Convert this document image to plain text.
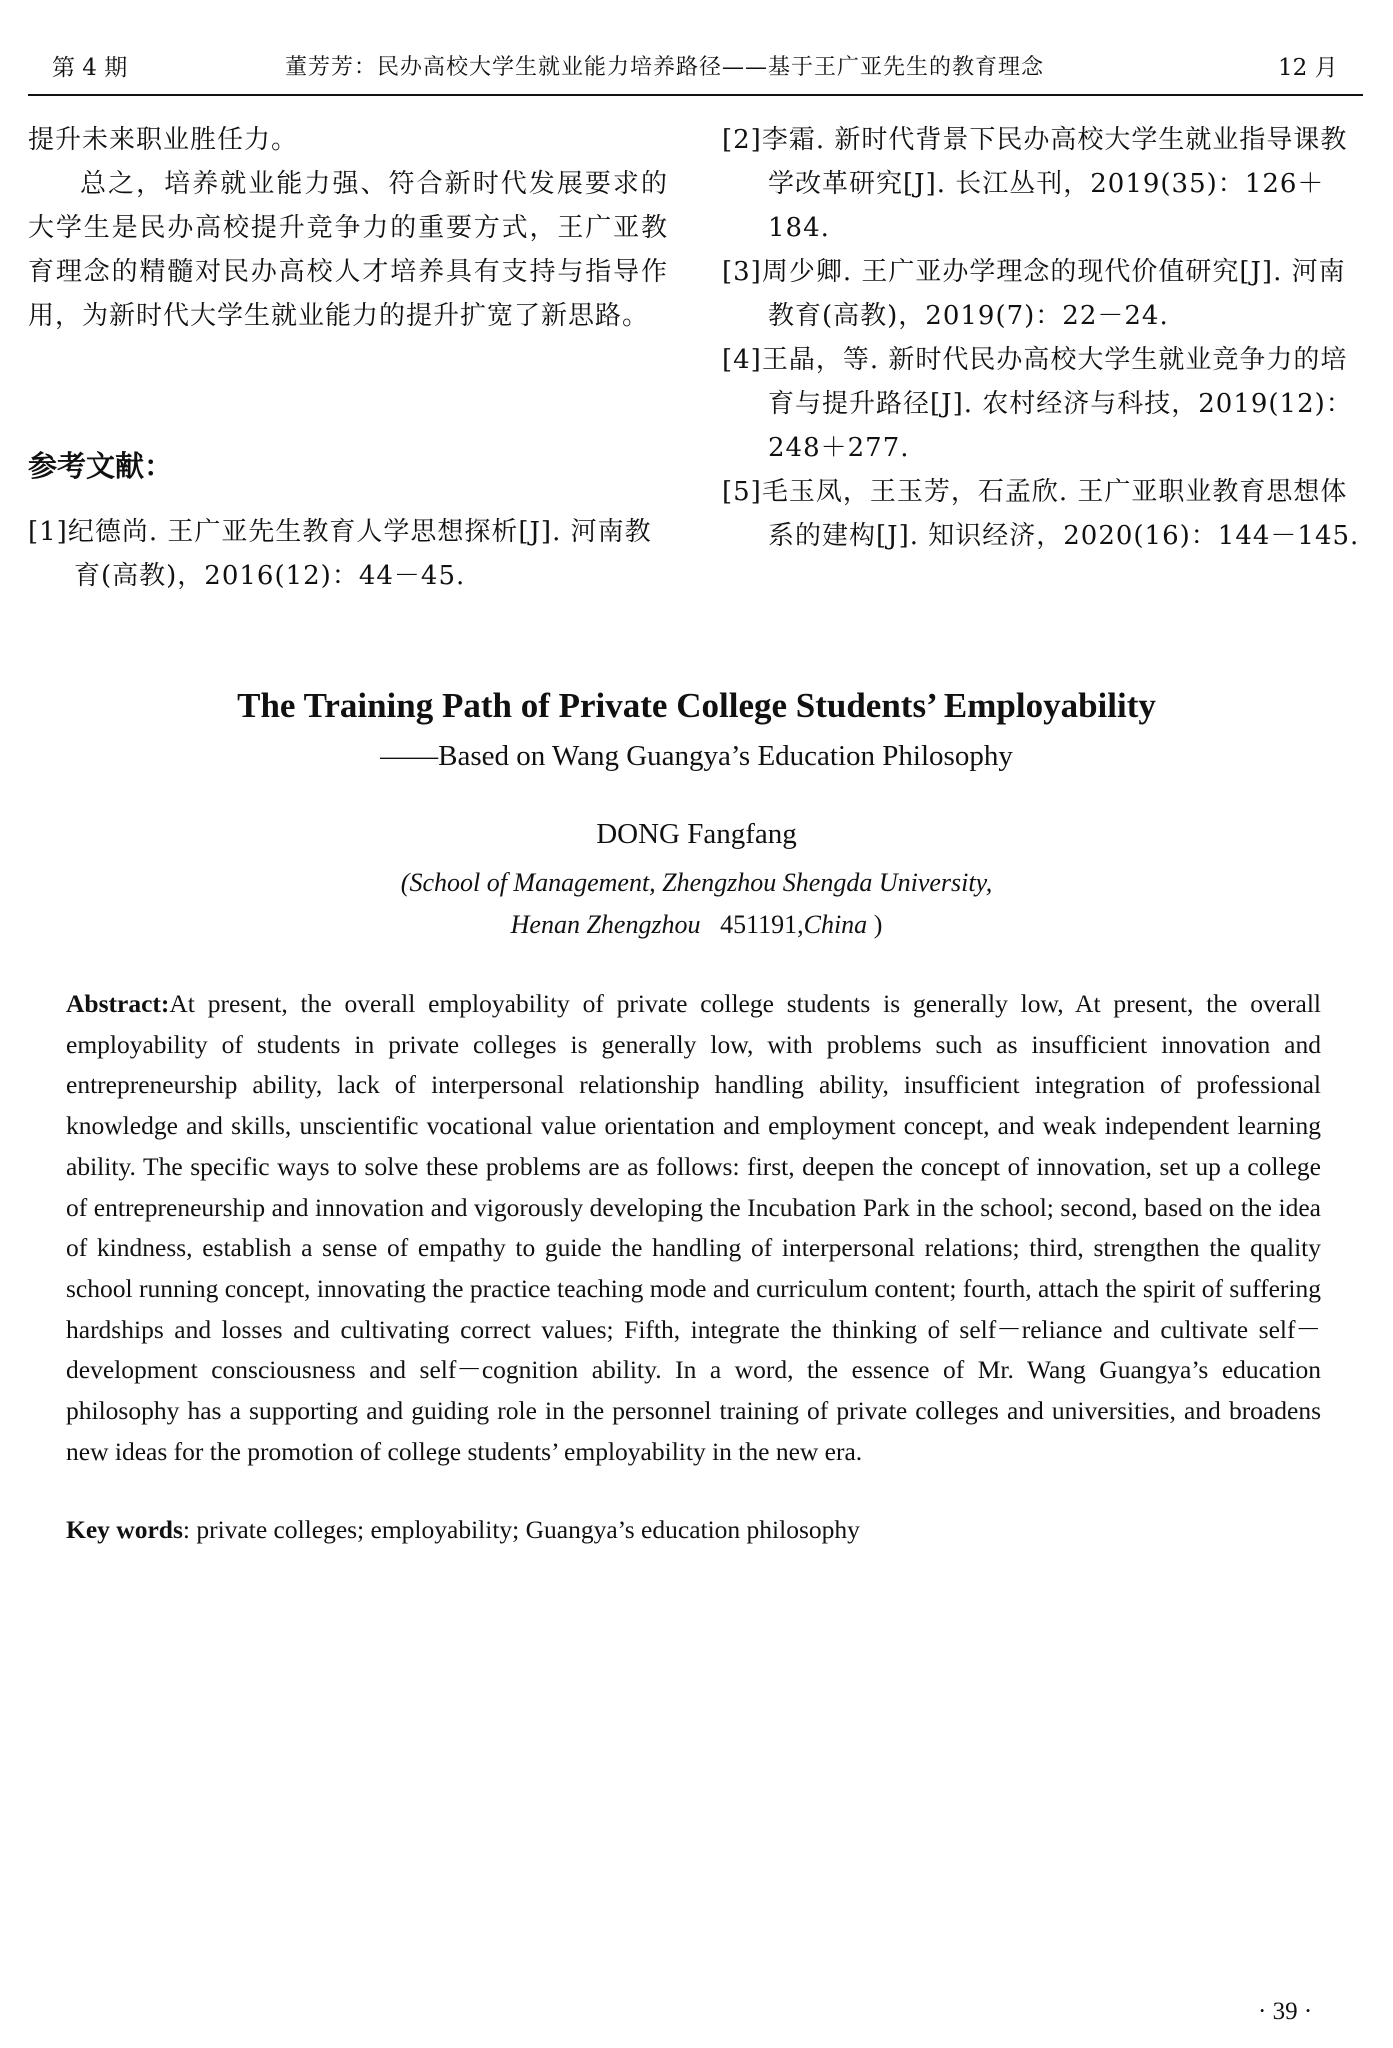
第 4 期	董芳芳：民办高校大学生就业能力培养路径——基于王广亚先生的教育理念	12 月
提升未来职业胜任力。
总之，培养就业能力强、符合新时代发展要求的大学生是民办高校提升竞争力的重要方式，王广亚教育理念的精髓对民办高校人才培养具有支持与指导作用，为新时代大学生就业能力的提升扩宽了新思路。
参考文献：

[1]纪德尚. 王广亚先生教育人学思想探析[J]. 河南教育(高教)，2016(12)：44－45.

[2]李霜. 新时代背景下民办高校大学生就业指导课教学改革研究[J]. 长江丛刊，2019(35)：126＋184.

[3]周少卿. 王广亚办学理念的现代价值研究[J]. 河南教育(高教)，2019(7)：22－24.

[4]王晶，等. 新时代民办高校大学生就业竞争力的培育与提升路径[J]. 农村经济与科技，2019(12)：248＋277.

[5]毛玉凤，王玉芳，石孟欣. 王广亚职业教育思想体系的建构[J]. 知识经济，2020(16)：144－145.

The Training Path of Private College Students’ Employability
——Based on Wang Guangya’s Education Philosophy
DONG Fangfang
(School of Management, Zhengzhou Shengda University,
Henan Zhengzhou 451191,China )
Abstract:At present, the overall employability of private college students is generally low, At present, the overall employability of students in private colleges is generally low, with problems such as insufficient innovation and entrepreneurship ability, lack of interpersonal relationship handling ability, insufficient integration of professional knowledge and skills, unscientific vocational value orientation and employment concept, and weak independent learning ability. The specific ways to solve these problems are as follows: first, deepen the concept of innovation, set up a college of entrepreneurship and innovation and vigorously developing the Incubation Park in the school; second, based on the idea of kindness, establish a sense of empathy to guide the handling of interpersonal relations; third, strengthen the quality school running concept, innovating the practice teaching mode and curriculum content; fourth, attach the spirit of suffering hardships and losses and cultivating correct values; Fifth, integrate the thinking of self－reliance and cultivate self－development consciousness and self－cognition ability. In a word, the essence of Mr. Wang Guangya’s education philosophy has a supporting and guiding role in the personnel training of private colleges and universities, and broadens new ideas for the promotion of college students’ employability in the new era.
Key words: private colleges; employability; Guangya’s education philosophy
· 39 ·
